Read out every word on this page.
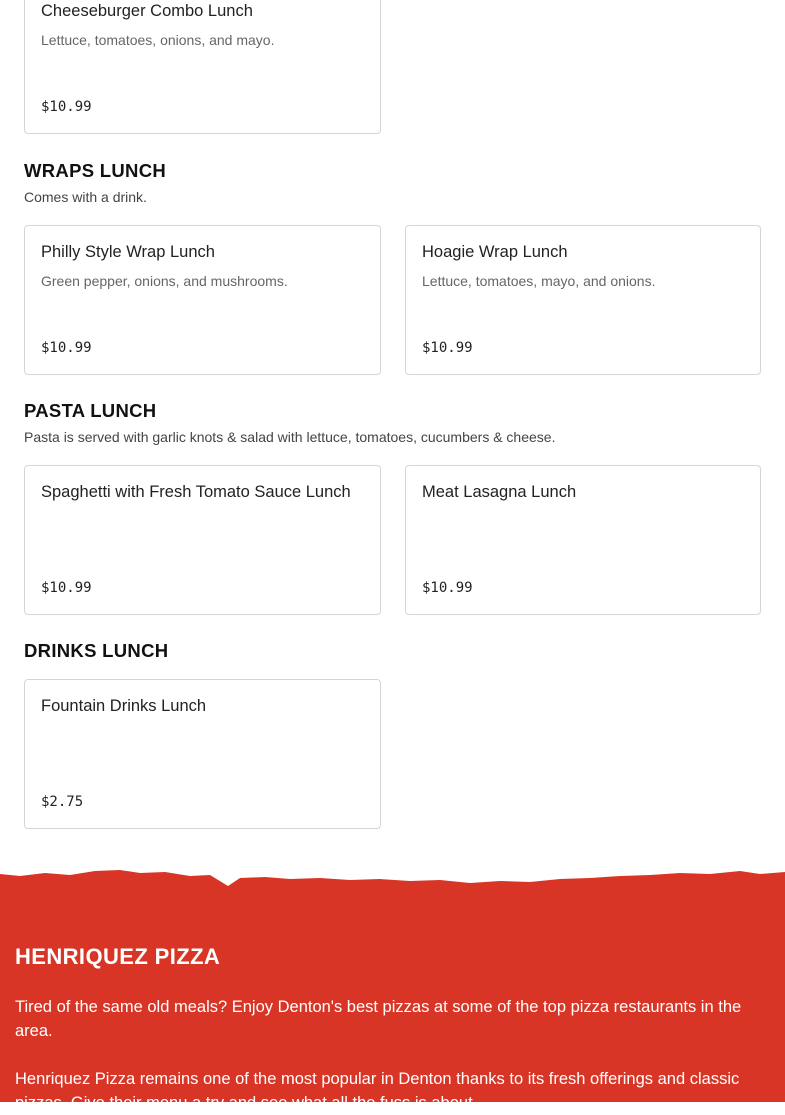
Cheeseburger Combo Lunch
Lettuce, tomatoes, onions, and mayo.
$10.99
WRAPS LUNCH
Comes with a drink.
Philly Style Wrap Lunch
Green pepper, onions, and mushrooms.
$10.99
Hoagie Wrap Lunch
Lettuce, tomatoes, mayo, and onions.
$10.99
PASTA LUNCH
Pasta is served with garlic knots & salad with lettuce, tomatoes, cucumbers & cheese.
Spaghetti with Fresh Tomato Sauce Lunch
$10.99
Meat Lasagna Lunch
$10.99
DRINKS LUNCH
Fountain Drinks Lunch
$2.75
HENRIQUEZ PIZZA
Tired of the same old meals? Enjoy Denton's best pizzas at some of the top pizza restaurants in the area.
Henriquez Pizza remains one of the most popular in Denton thanks to its fresh offerings and classic pizzas. Give their menu a try and see what all the fuss is about.
